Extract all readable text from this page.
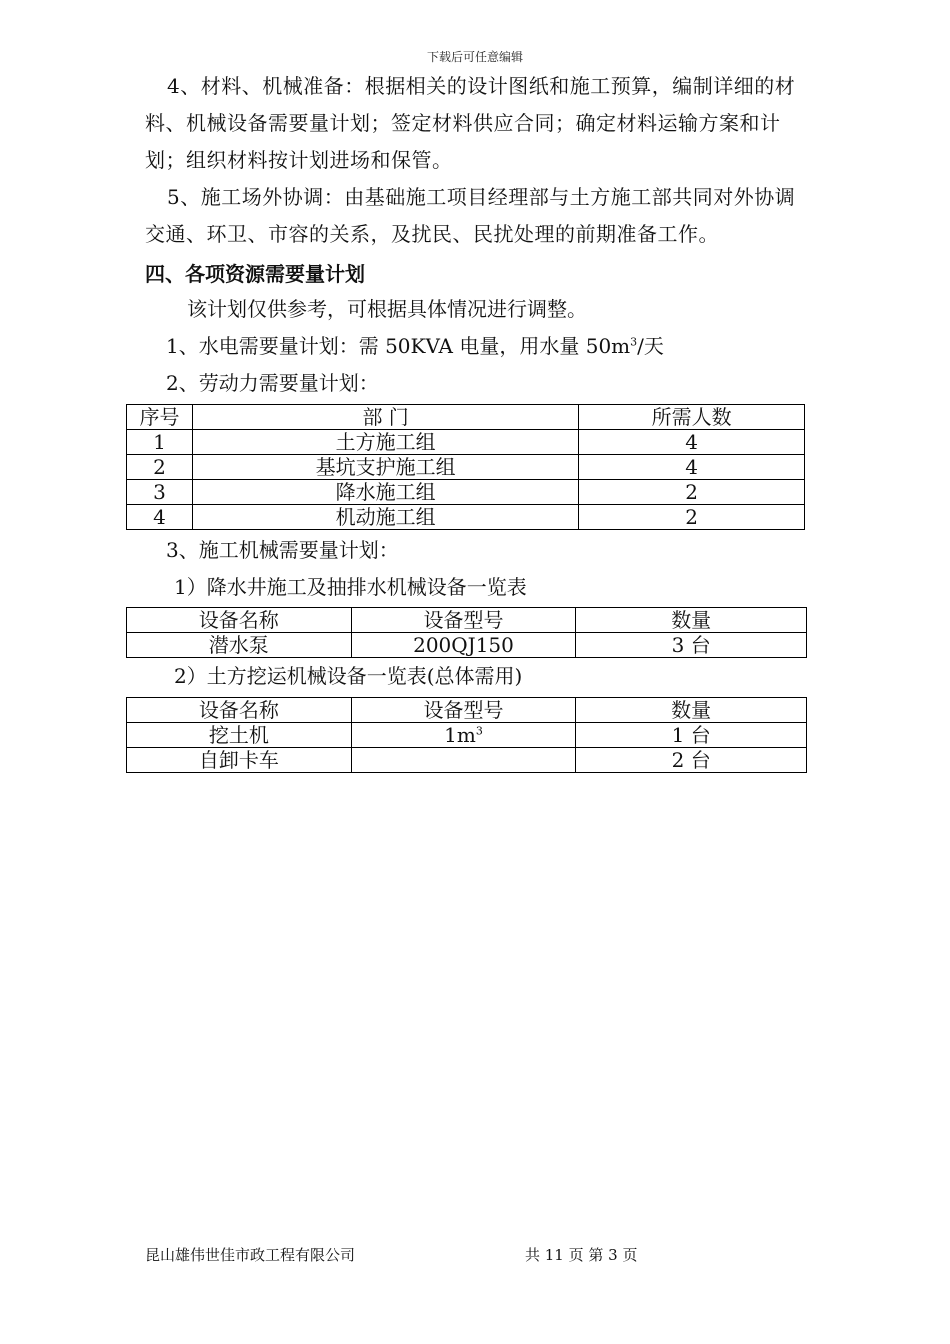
下载后可任意编辑
4、材料、机械准备：根据相关的设计图纸和施工预算，编制详细的材料、机械设备需要量计划；签定材料供应合同；确定材料运输方案和计划；组织材料按计划进场和保管。
5、施工场外协调：由基础施工项目经理部与土方施工部共同对外协调交通、环卫、市容的关系，及扰民、民扰处理的前期准备工作。
四、各项资源需要量计划
该计划仅供参考，可根据具体情况进行调整。
1、水电需要量计划：需 50KVA 电量，用水量 $50m^3/$天
2、劳动力需要量计划：
序号	部 门	所需人数
1	土方施工组	4
2	基坑支护施工组	4
3	降水施工组	2
4	机动施工组	2
3、施工机械需要量计划：
1）降水井施工及抽排水机械设备一览表
设备名称	设备型号	数量
潜水泵	200QJ150	3 台
2）土方挖运机械设备一览表(总体需用)
设备名称	设备型号	数量
挖土机	$1m^3$	1 台
自卸卡车		2 台
昆山雄伟世佳市政工程有限公司	共 11 页 第 3 页
